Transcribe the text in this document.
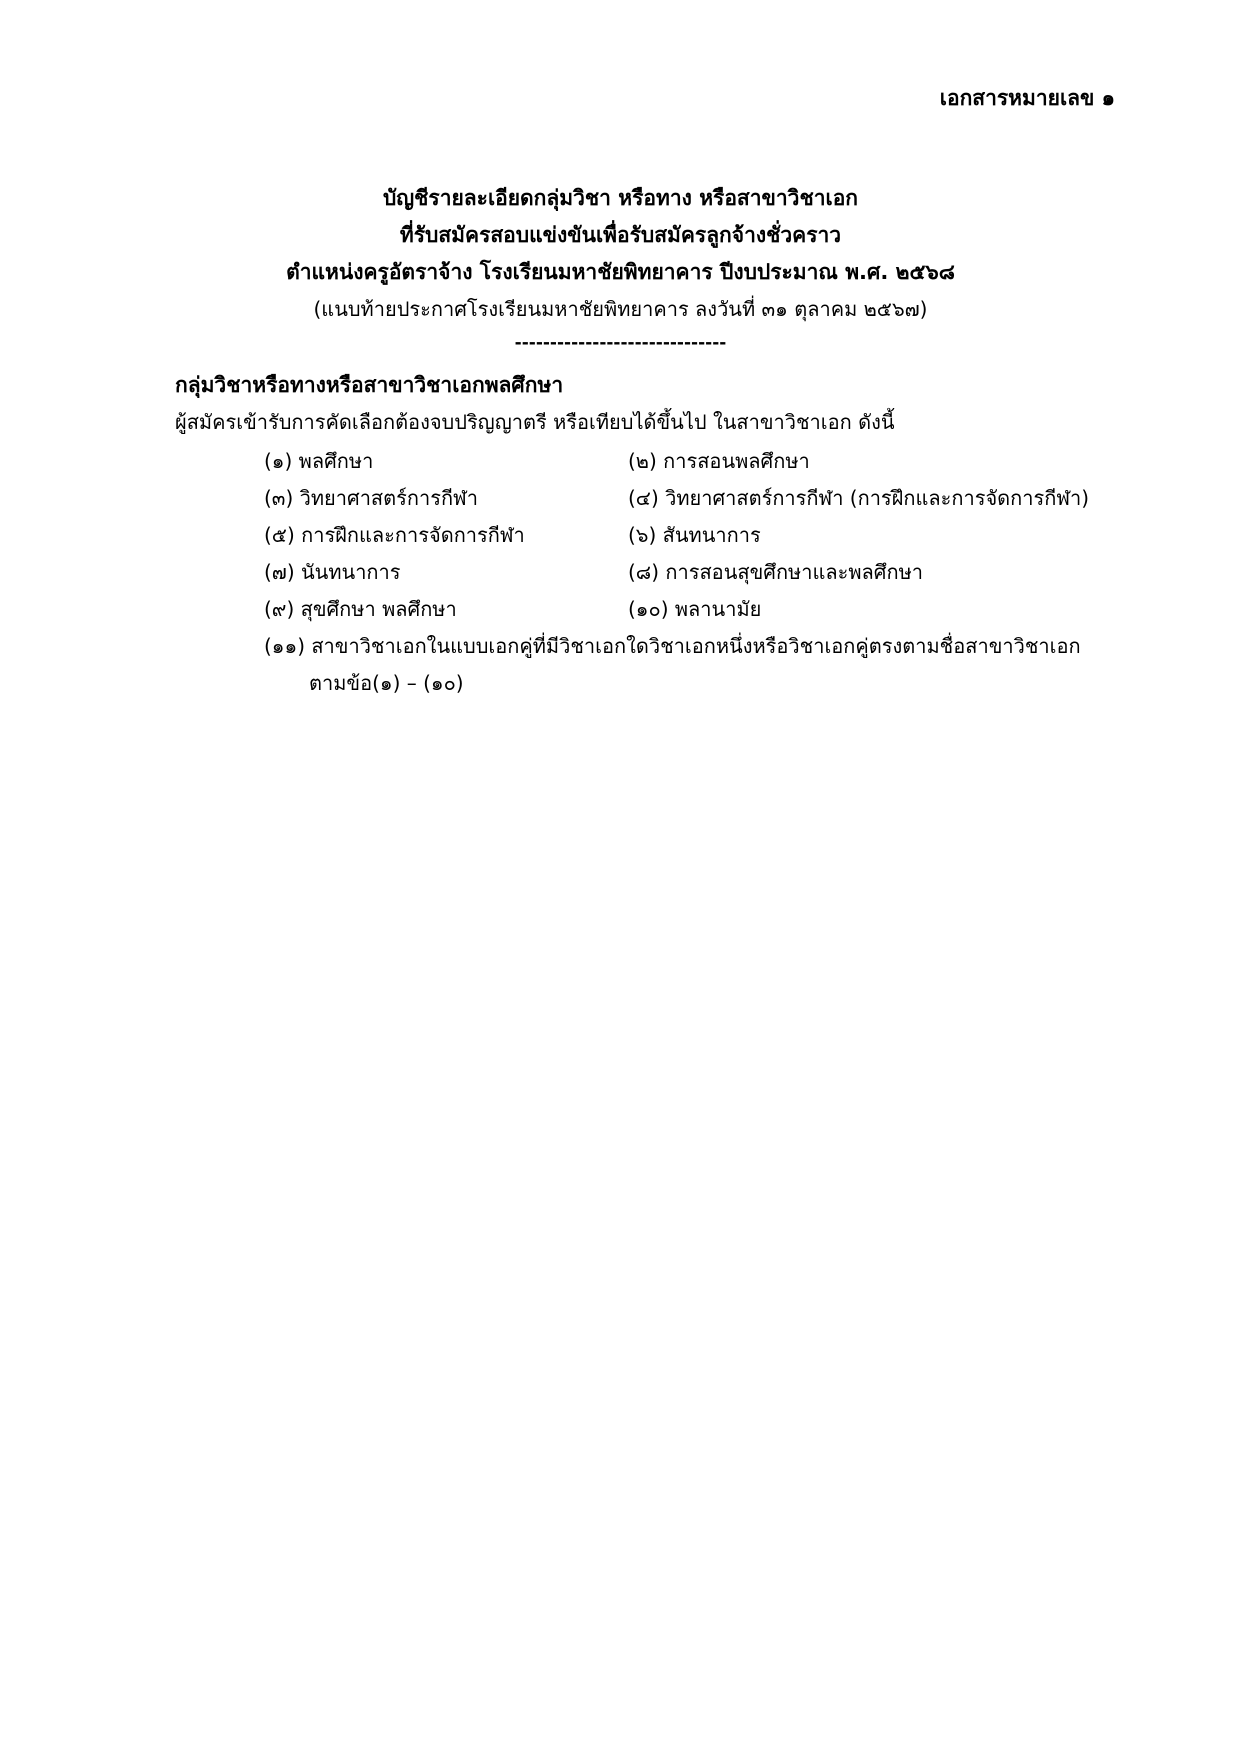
เอกสารหมายเลข ๑
บัญชีรายละเอียดกลุ่มวิชา หรือทาง หรือสาขาวิชาเอก
ที่รับสมัครสอบแข่งขันเพื่อรับสมัครลูกจ้างชั่วคราว
ตำแหน่งครูอัตราจ้าง โรงเรียนมหาชัยพิทยาคาร ปีงบประมาณ พ.ศ. ๒๕๖๘
(แนบท้ายประกาศโรงเรียนมหาชัยพิทยาคาร ลงวันที่ ๓๑ ตุลาคม ๒๕๖๗)
------------------------------
กลุ่มวิชาหรือทางหรือสาขาวิชาเอกพลศึกษา
ผู้สมัครเข้ารับการคัดเลือกต้องจบปริญญาตรี หรือเทียบได้ขึ้นไป ในสาขาวิชาเอก ดังนี้
(๑) พลศึกษา	(๒) การสอนพลศึกษา
(๓) วิทยาศาสตร์การกีฬา	(๔) วิทยาศาสตร์การกีฬา (การฝึกและการจัดการกีฬา)
(๕) การฝึกและการจัดการกีฬา	(๖) สันทนาการ
(๗) นันทนาการ	(๘) การสอนสุขศึกษาและพลศึกษา
(๙) สุขศึกษา พลศึกษา	(๑๐) พลานามัย
(๑๑) สาขาวิชาเอกในแบบเอกคู่ที่มีวิชาเอกใดวิชาเอกหนึ่งหรือวิชาเอกคู่ตรงตามชื่อสาขาวิชาเอก
ตามข้อ(๑) – (๑๐)
